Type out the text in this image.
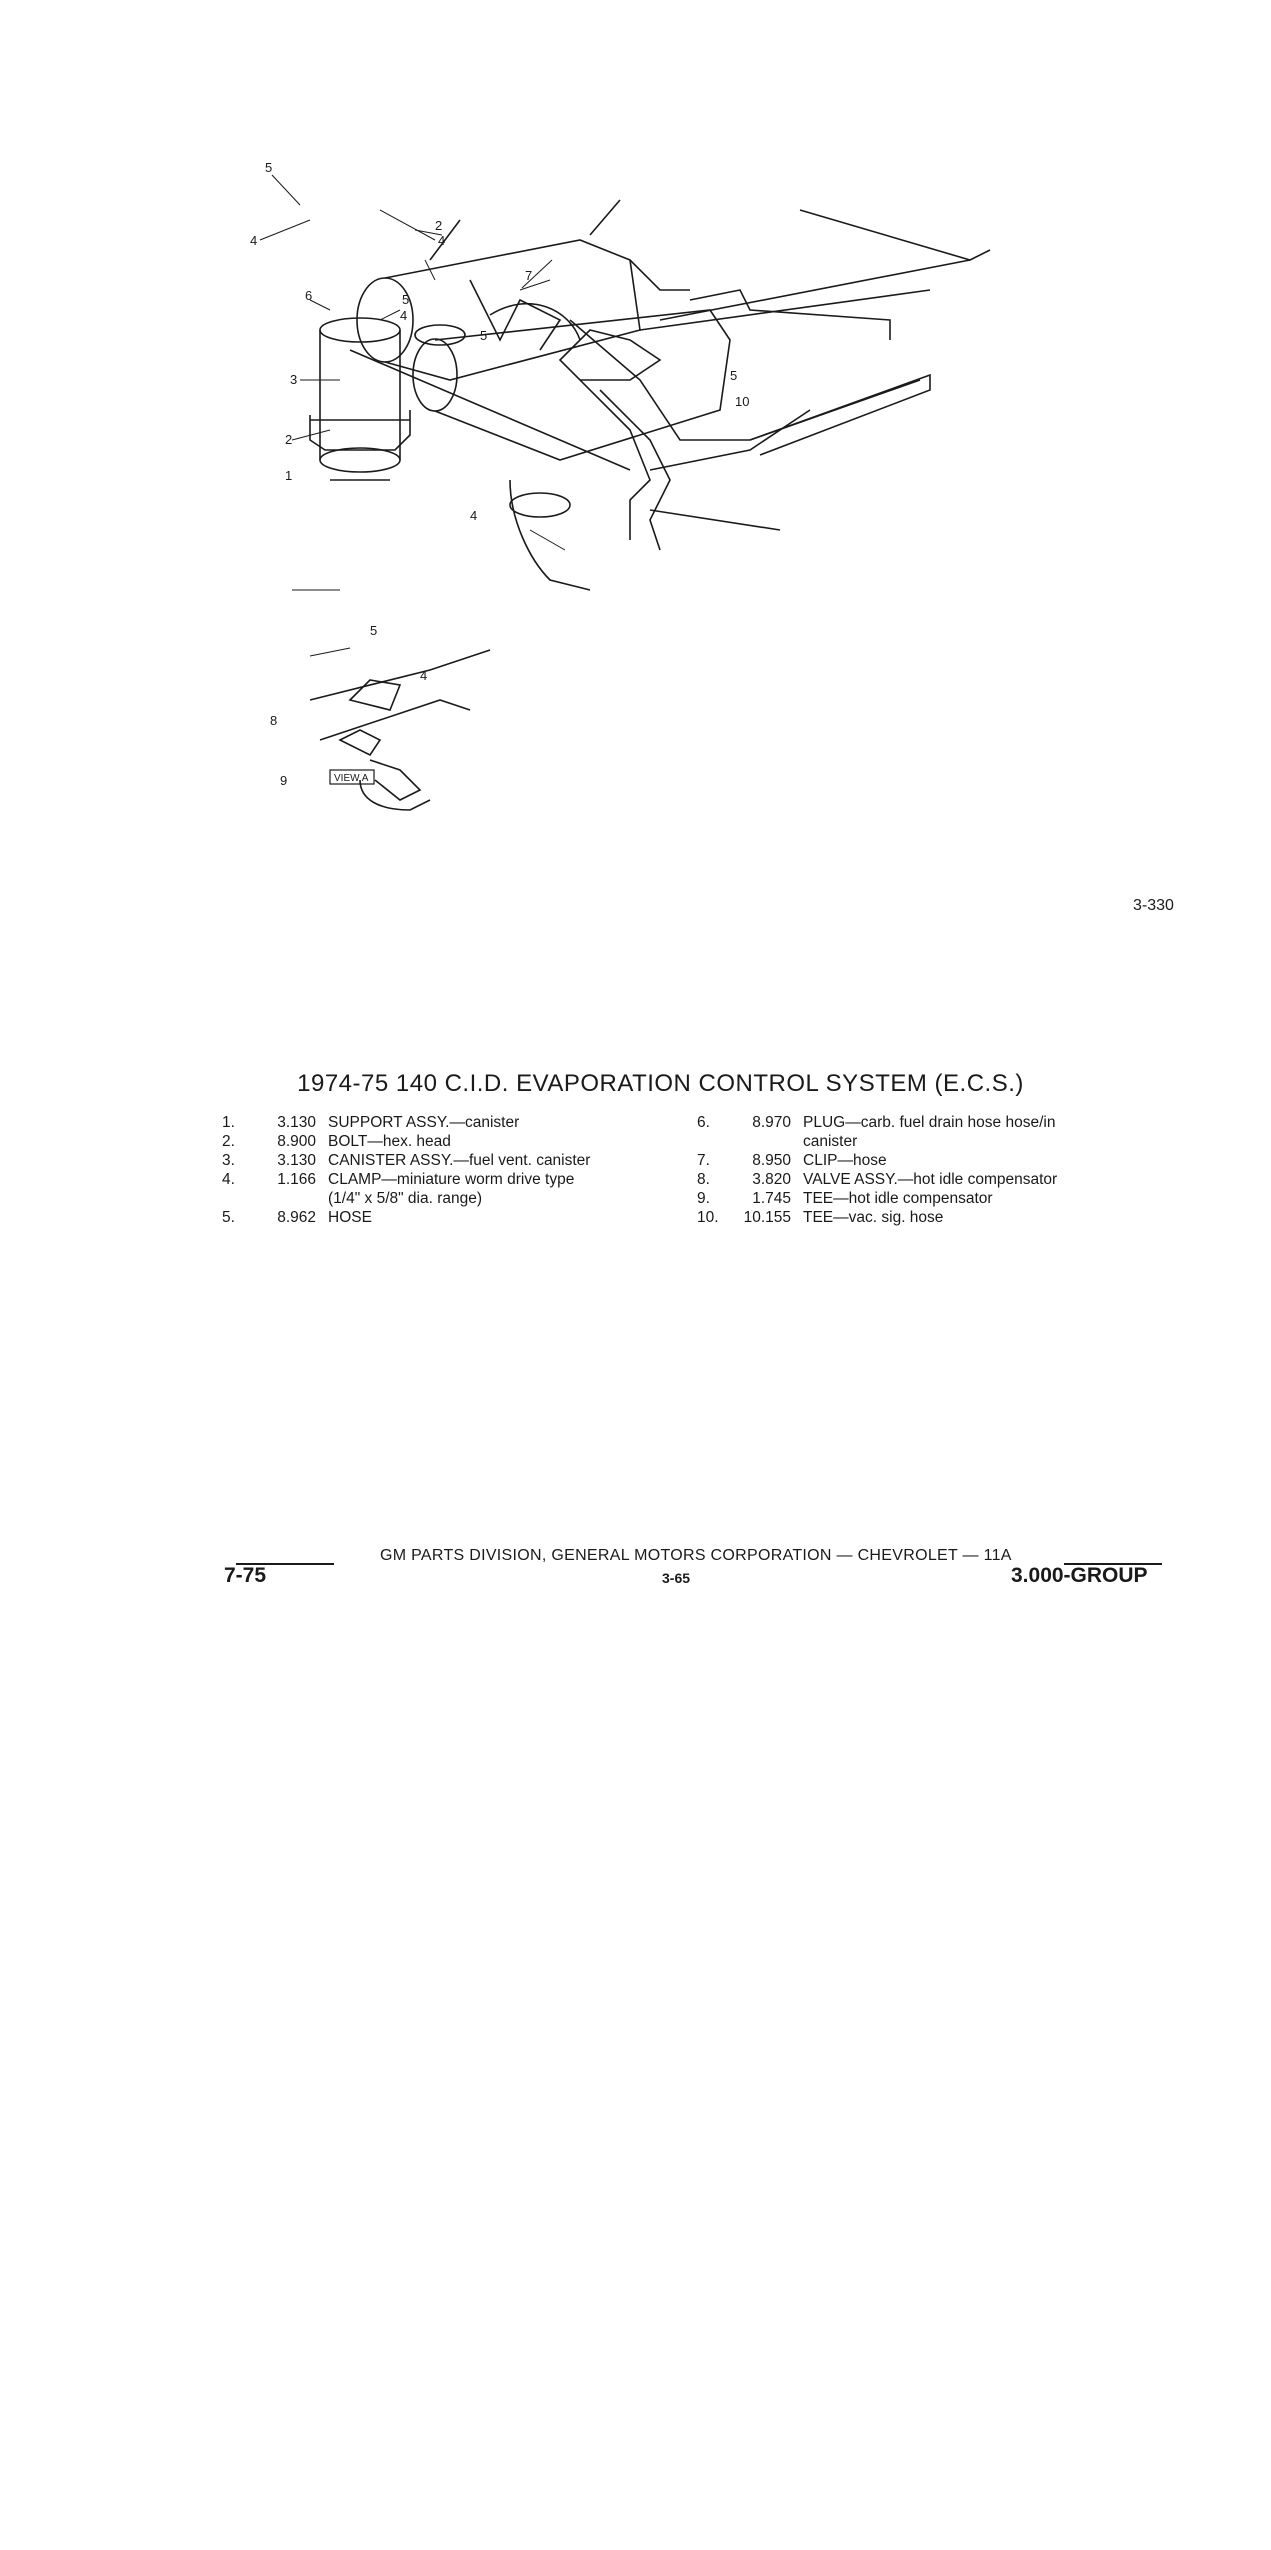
5
4
2
4
7
4
6	5
3
2
1
5
5
10
4
5
4
8
9	VIEW A
3-330
1974-75 140 C.I.D. EVAPORATION CONTROL SYSTEM (E.C.S.)
1.	3.130 SUPPORT ASSY.—canister
2.	8.900 BOLT—hex. head
3.	3.130 CANISTER ASSY.—fuel vent. canister
4.	1.166 CLAMP—miniature worm drive type
(1/4" x 5/8" dia. range)
5.	8.962 HOSE
6.	8.970 PLUG—carb. fuel drain hose hose/in
canister
7.	8.950 CLIP—hose
8.	3.820 VALVE ASSY.—hot idle compensator
9.	1.745 TEE—hot idle compensator
10.	10.155 TEE—vac. sig. hose
GM PARTS DIVISION, GENERAL MOTORS CORPORATION — CHEVROLET — 11A
7-75	3-65	3.000-GROUP
